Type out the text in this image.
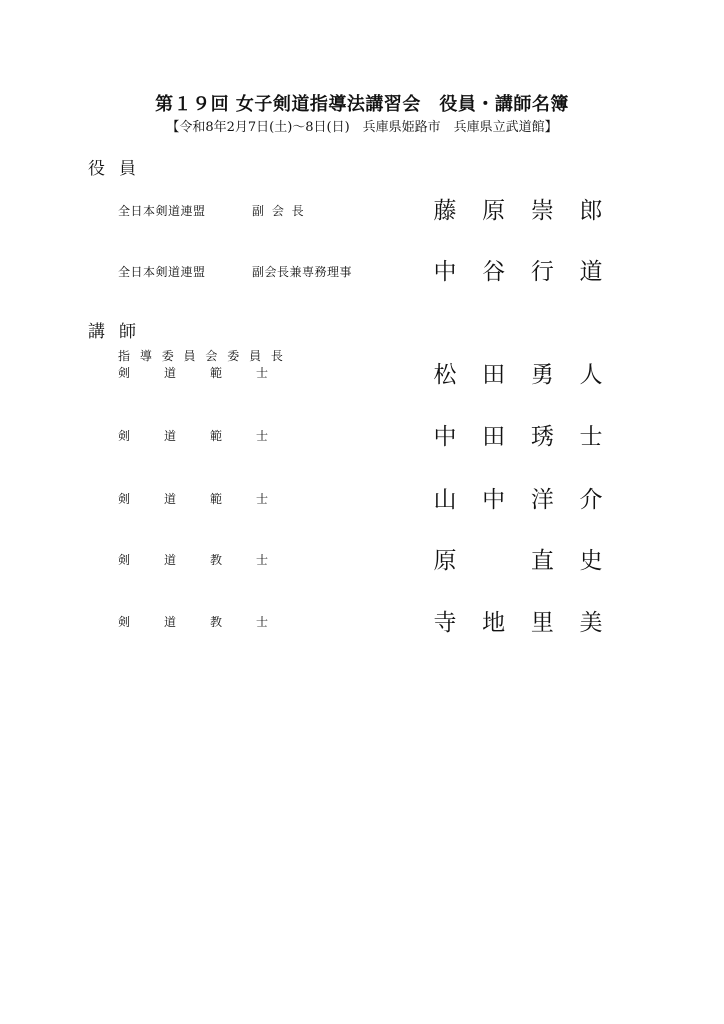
第１９回 女子剣道指導法講習会　役員・講師名簿
【令和8年2月7日(土)～8日(日)　兵庫県姫路市　兵庫県立武道館】
役員
全日本剣道連盟	副 会 長	藤 原 崇 郎
全日本剣道連盟	副会長兼専務理事	中 谷 行 道
講師
指 導 委 員 会 委 員 長
剣	道	範	士	松 田 勇 人
剣	道	範	士	中 田 琇 士
剣	道	範	士	山 中 洋 介
剣	道	教	士	原	直 史
剣	道	教	士	寺 地 里 美
